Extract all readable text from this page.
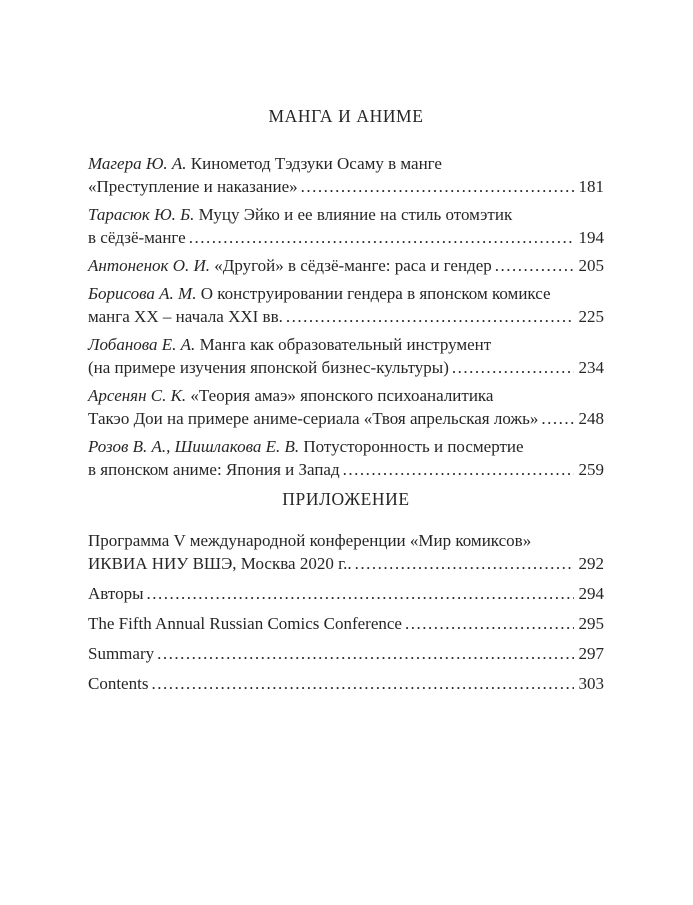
МАНГА И АНИМЕ

Магера Ю. А. Кинометод Тэдзуки Осаму в манге
«Преступление и наказание» .....	181

Тарасюк Ю. Б. Муцу Эйко и ее влияние на стиль отомэтик
в сёдзё-манге .....	194

Антоненок О. И. «Другой» в сёдзё-манге: раса и гендер .....	205

Борисова А. М. О конструировании гендера в японском комиксе
манга XX – начала XXI вв. .....	225

Лобанова Е. А. Манга как образовательный инструмент
(на примере изучения японской бизнес-культуры) .....	234

Арсенян С. К. «Теория амаэ» японского психоаналитика
Такэо Дои на примере аниме-сериала «Твоя апрельская ложь» ..... 248

Розов В. А., Шишлакова Е. В. Потусторонность и посмертие
в японском аниме: Япония и Запад .....	259

ПРИЛОЖЕНИЕ

Программа V международной конференции «Мир комиксов»
ИКВИА НИУ ВШЭ, Москва 2020 г.. .....	292

Авторы .....	294

The Fifth Annual Russian Comics Conference .....	295

Summary .....	297

Contents .....	303
